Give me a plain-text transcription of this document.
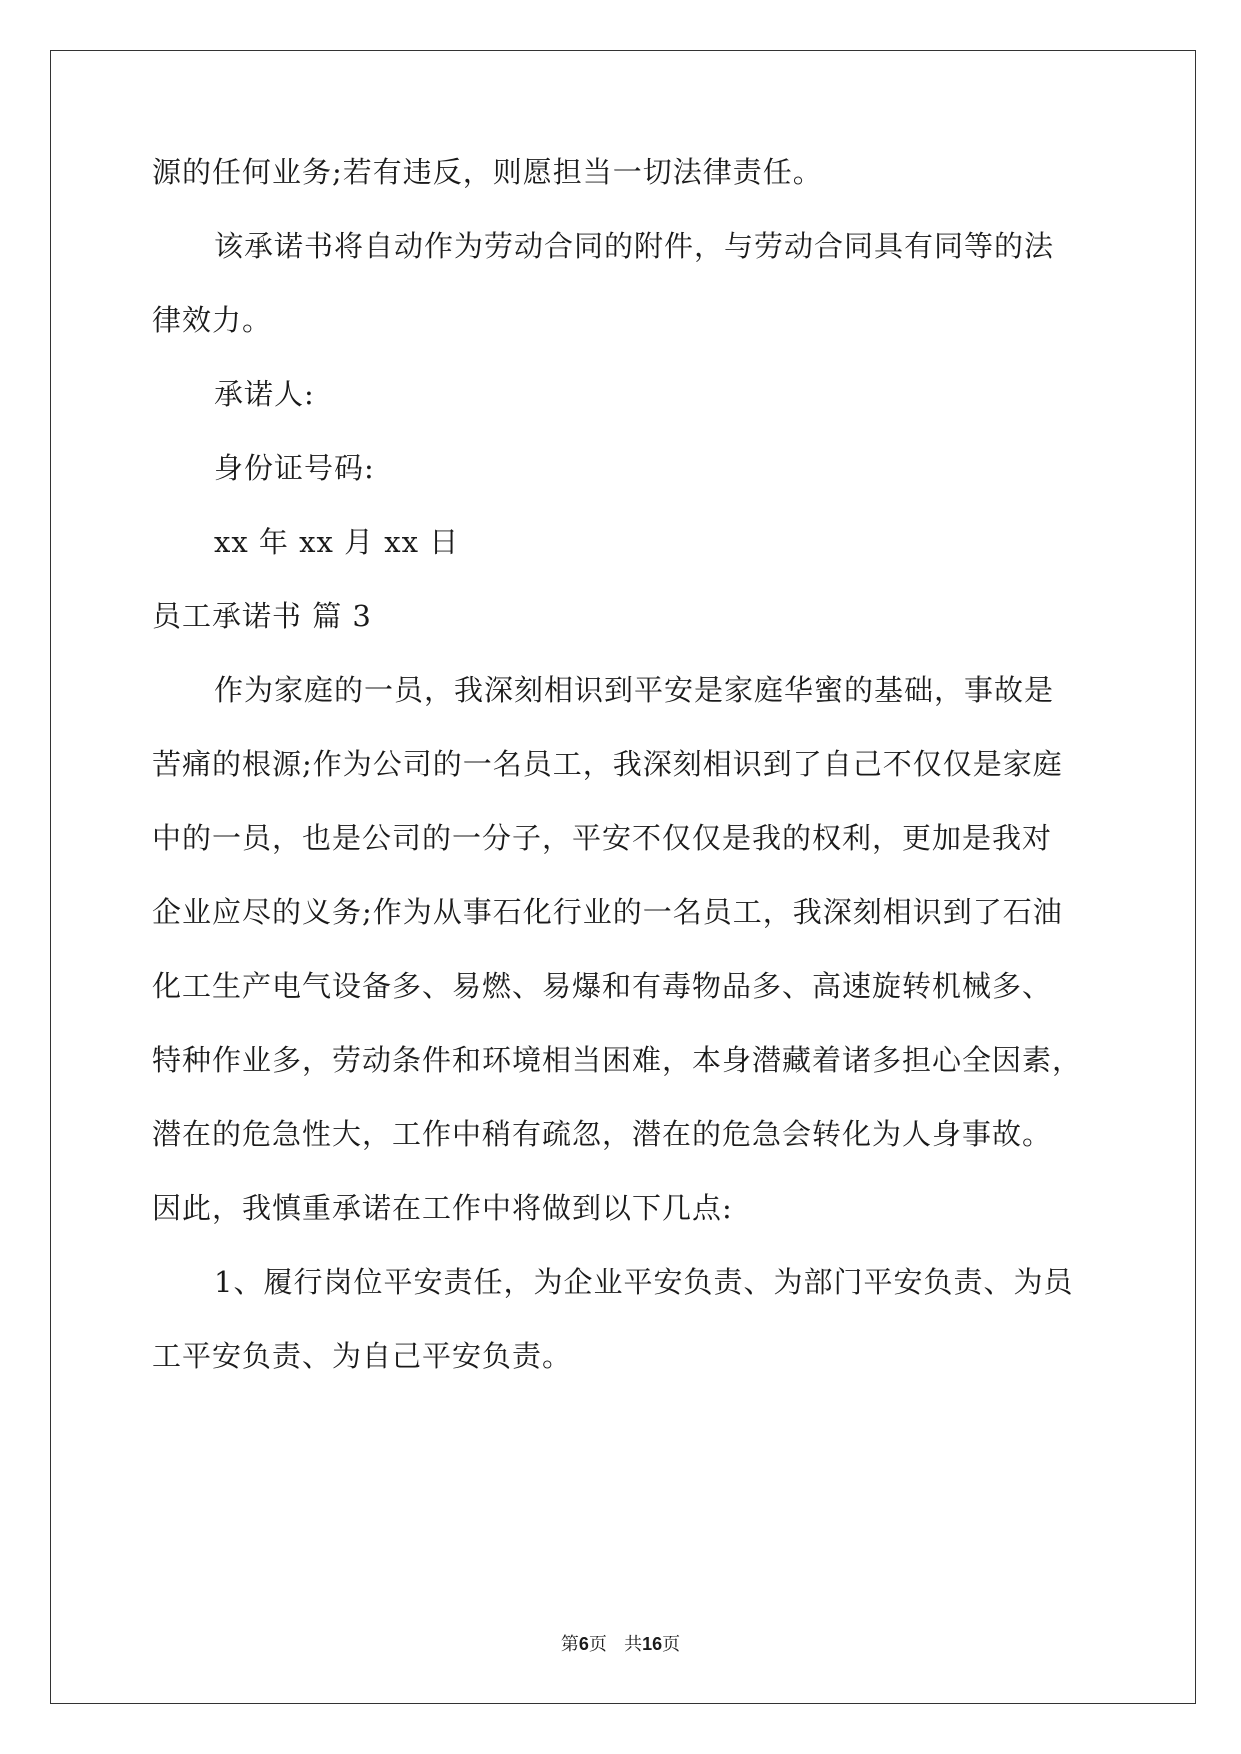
源的任何业务;若有违反，则愿担当一切法律责任。
该承诺书将自动作为劳动合同的附件，与劳动合同具有同等的法
律效力。
承诺人:
身份证号码:
xx 年 xx 月 xx 日
员工承诺书 篇 3
作为家庭的一员，我深刻相识到平安是家庭华蜜的基础，事故是
苦痛的根源;作为公司的一名员工，我深刻相识到了自己不仅仅是家庭
中的一员，也是公司的一分子，平安不仅仅是我的权利，更加是我对
企业应尽的义务;作为从事石化行业的一名员工，我深刻相识到了石油
化工生产电气设备多、易燃、易爆和有毒物品多、高速旋转机械多、
特种作业多，劳动条件和环境相当困难，本身潜藏着诸多担心全因素，
潜在的危急性大，工作中稍有疏忽，潜在的危急会转化为人身事故。
因此，我慎重承诺在工作中将做到以下几点:
1、履行岗位平安责任，为企业平安负责、为部门平安负责、为员
工平安负责、为自己平安负责。
第6页   共16页
